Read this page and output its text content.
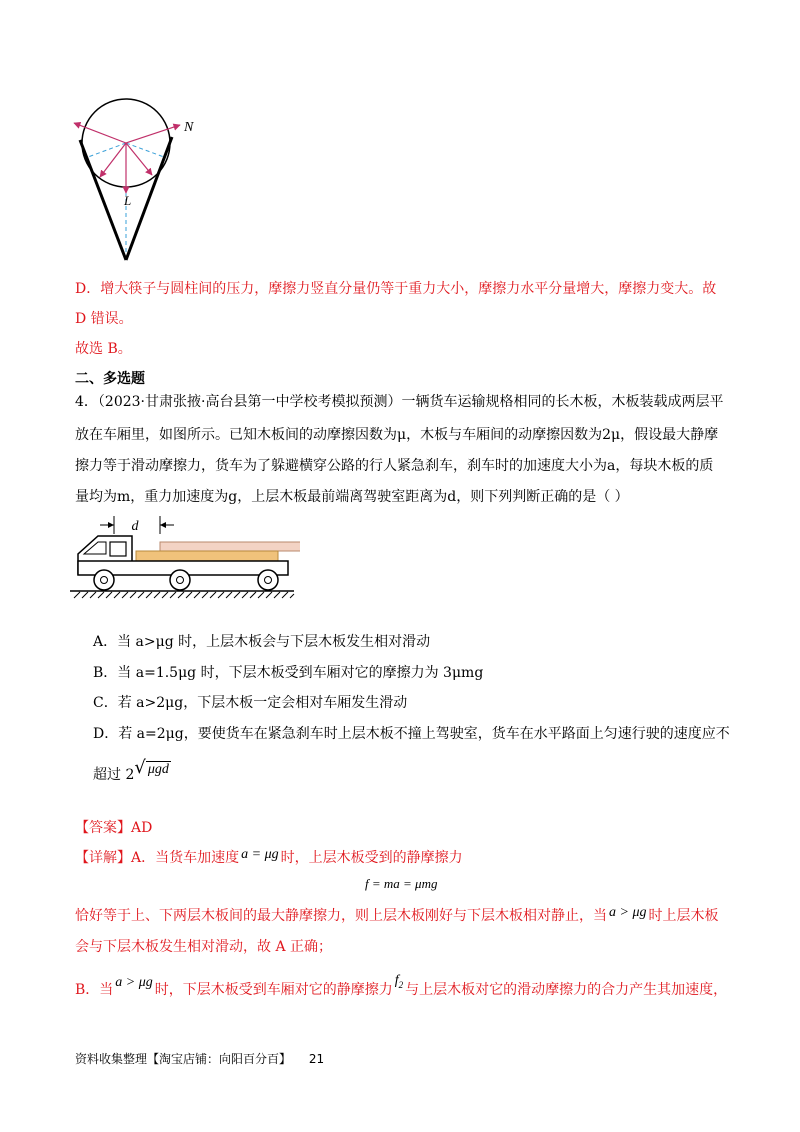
N
L
D．增大筷子与圆柱间的压力，摩擦力竖直分量仍等于重力大小，摩擦力水平分量增大，摩擦力变大。故
D 错误。
故选 B。
二、多选题
4．（2023·甘肃张掖·高台县第一中学校考模拟预测）一辆货车运输规格相同的长木板，木板装载成两层平
放在车厢里，如图所示。已知木板间的动摩擦因数为μ，木板与车厢间的动摩擦因数为2μ，假设最大静摩
擦力等于滑动摩擦力，货车为了躲避横穿公路的行人紧急刹车，刹车时的加速度大小为a，每块木板的质
量均为m，重力加速度为g，上层木板最前端离驾驶室距离为d，则下列判断正确的是（ ）
d
A．当 a>μg 时，上层木板会与下层木板发生相对滑动
B．当 a=1.5μg 时，下层木板受到车厢对它的摩擦力为 3μmg
C．若 a>2μg，下层木板一定会相对车厢发生滑动
D．若 a=2μg，要使货车在紧急刹车时上层木板不撞上驾驶室，货车在水平路面上匀速行驶的速度应不
超过 2√ μgd
【答案】AD
【详解】A．当货车加速度 a = μg 时，上层木板受到的静摩擦力
f = ma = μmg
恰好等于上、下两层木板间的最大静摩擦力，则上层木板刚好与下层木板相对静止，当 a > μg 时上层木板
会与下层木板发生相对滑动，故 A 正确；
B．当 a > μg 时，下层木板受到车厢对它的静摩擦力$f_2$ 与上层木板对它的滑动摩擦力的合力产生其加速度，
资料收集整理【淘宝店铺：向阳百分百】 21
